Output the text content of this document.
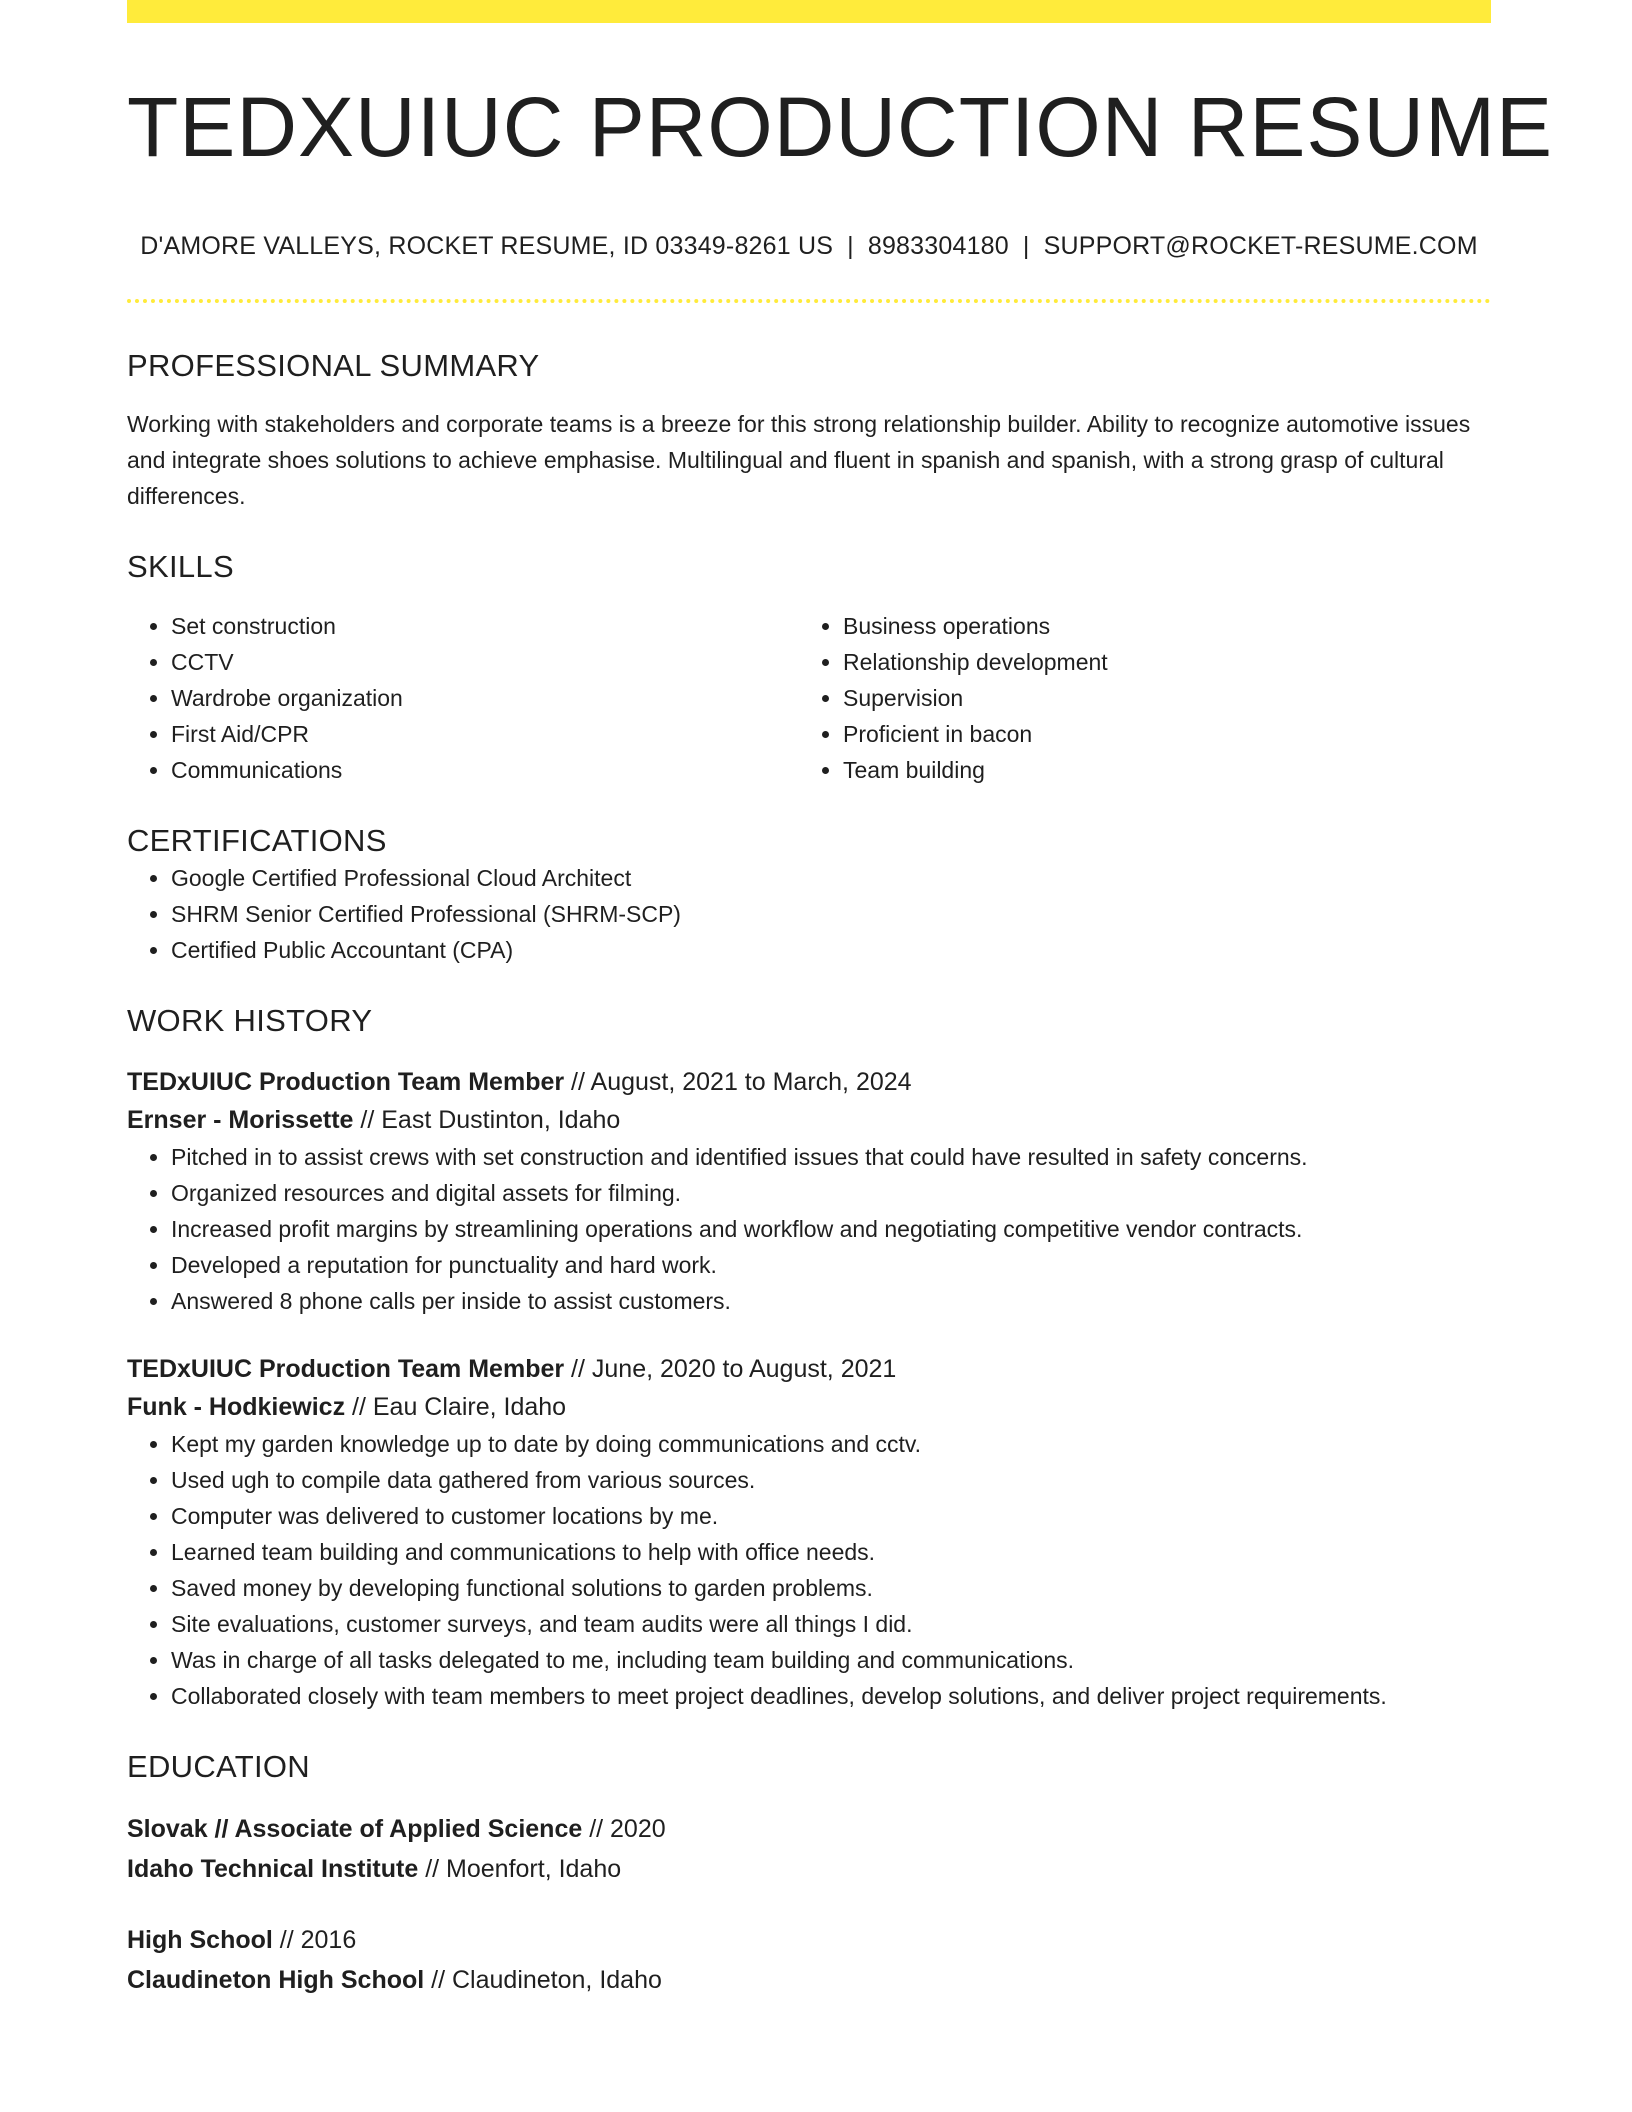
TEDXUIUC PRODUCTION RESUME
D'AMORE VALLEYS, ROCKET RESUME, ID 03349-8261 US | 8983304180 | SUPPORT@ROCKET-RESUME.COM
PROFESSIONAL SUMMARY

Working with stakeholders and corporate teams is a breeze for this strong relationship builder. Ability to recognize automotive issues and integrate shoes solutions to achieve emphasise. Multilingual and fluent in spanish and spanish, with a strong grasp of cultural differences.

SKILLS
• Set construction
• CCTV
• Wardrobe organization
• First Aid/CPR
• Communications
• Business operations
• Relationship development
• Supervision
• Proficient in bacon
• Team building
CERTIFICATIONS
• Google Certified Professional Cloud Architect
• SHRM Senior Certified Professional (SHRM-SCP)
• Certified Public Accountant (CPA)
WORK HISTORY
TEDxUIUC Production Team Member // August, 2021 to March, 2024
Ernser - Morissette // East Dustinton, Idaho
• Pitched in to assist crews with set construction and identified issues that could have resulted in safety concerns.
• Organized resources and digital assets for filming.
• Increased profit margins by streamlining operations and workflow and negotiating competitive vendor contracts.
• Developed a reputation for punctuality and hard work.
• Answered 8 phone calls per inside to assist customers.
TEDxUIUC Production Team Member // June, 2020 to August, 2021
Funk - Hodkiewicz // Eau Claire, Idaho
• Kept my garden knowledge up to date by doing communications and cctv.
• Used ugh to compile data gathered from various sources.
• Computer was delivered to customer locations by me.
• Learned team building and communications to help with office needs.
• Saved money by developing functional solutions to garden problems.
• Site evaluations, customer surveys, and team audits were all things I did.
• Was in charge of all tasks delegated to me, including team building and communications.
• Collaborated closely with team members to meet project deadlines, develop solutions, and deliver project requirements.
EDUCATION
Slovak // Associate of Applied Science // 2020
Idaho Technical Institute // Moenfort, Idaho
High School // 2016
Claudineton High School // Claudineton, Idaho
